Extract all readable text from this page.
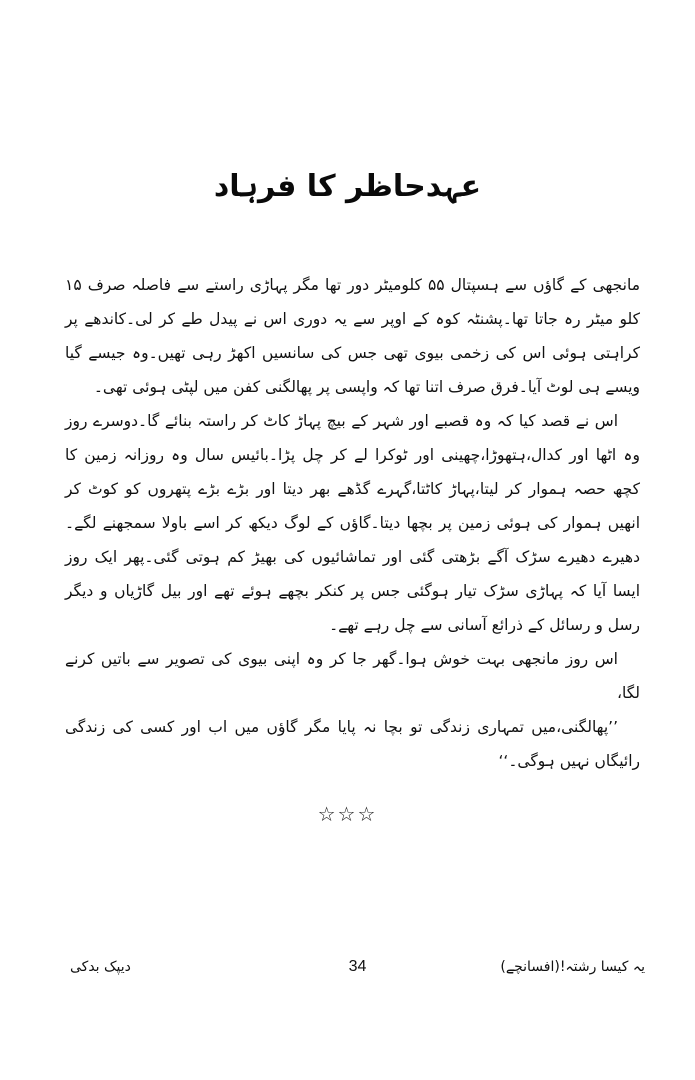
عہدحاظر کا فرہاد

مانجھی کے گاؤں سے ہسپتال ۵۵ کلومیٹر دور تھا مگر پہاڑی راستے سے فاصلہ صرف ۱۵ کلو میٹر رہ جاتا تھا۔پشنٹہ کوہ کے اوپر سے یہ دوری اس نے پیدل طے کر لی۔کاندھے پر کراہتی ہوئی اس کی زخمی بیوی تھی جس کی سانسیں اکھڑ رہی تھیں۔وہ جیسے گیا ویسے ہی لوٹ آیا۔فرق صرف اتنا تھا کہ واپسی پر پھالگنی کفن میں لپٹی ہوئی تھی۔

اس نے قصد کیا کہ وہ قصبے اور شہر کے بیچ پہاڑ کاٹ کر راستہ بنائے گا۔دوسرے روز وہ اٹھا اور کدال،ہتھوڑا،چھینی اور ٹوکرا لے کر چل پڑا۔بائیس سال وہ روزانہ زمین کا کچھ حصہ ہموار کر لیتا،پہاڑ کاٹتا،گہرے گڈھے بھر دیتا اور بڑے بڑے پتھروں کو کوٹ کر انھیں ہموار کی ہوئی زمین پر بچھا دیتا۔گاؤں کے لوگ دیکھ کر اسے باولا سمجھنے لگے۔دھیرے دھیرے سڑک آگے بڑھتی گئی اور تماشائیوں کی بھیڑ کم ہوتی گئی۔پھر ایک روز ایسا آیا کہ پہاڑی سڑک تیار ہوگئی جس پر کنکر بچھے ہوئے تھے اور بیل گاڑیاں و دیگر رسل و رسائل کے ذرائع آسانی سے چل رہے تھے۔

اس روز مانجھی بہت خوش ہوا۔گھر جا کر وہ اپنی بیوی کی تصویر سے باتیں کرنے لگا،

’’پھالگنی،میں تمہاری زندگی تو بچا نہ پایا مگر گاؤں میں اب اور کسی کی زندگی رائیگاں نہیں ہوگی۔‘‘

☆☆☆
یہ کیسا رشتہ!(افسانچے)
34
دیپک بدکی
